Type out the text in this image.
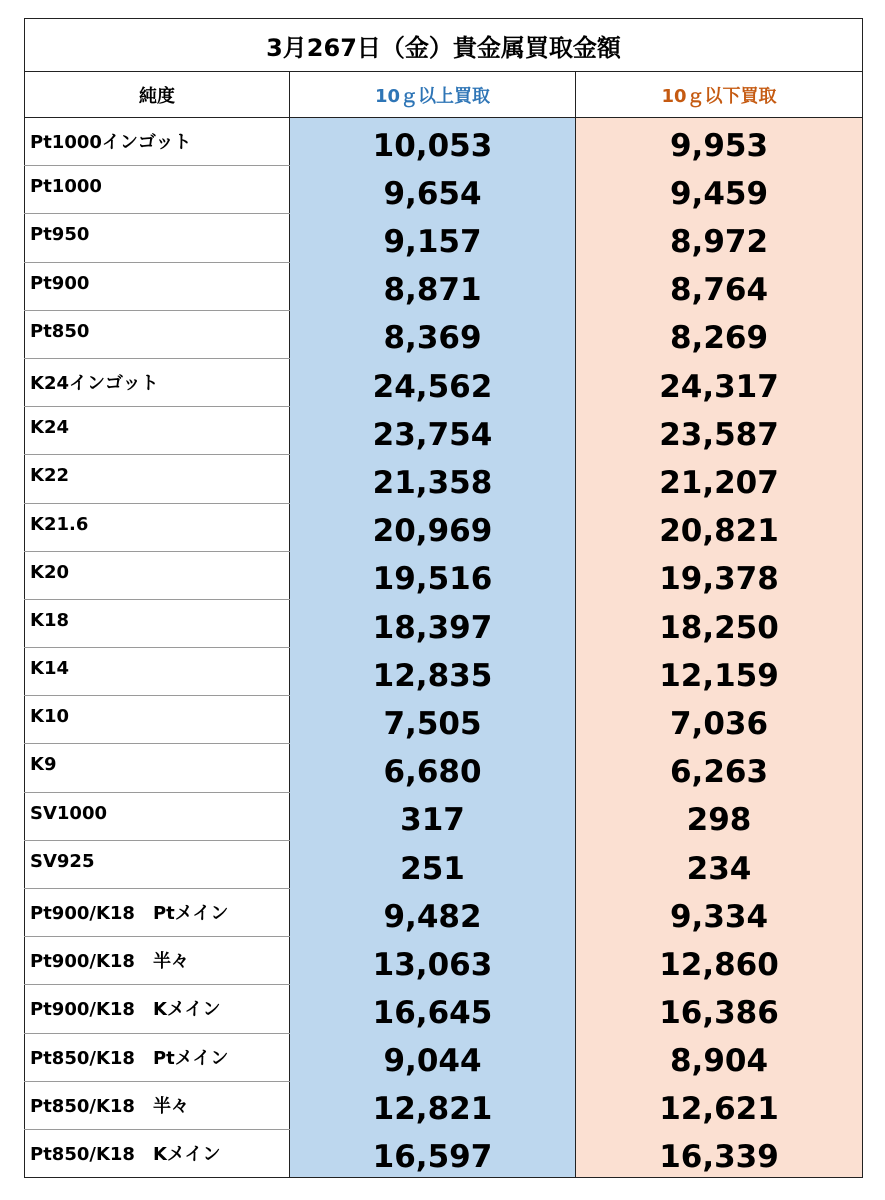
3月267日（金）貴金属買取金額		
純度	10ｇ以上買取	10ｇ以下買取
Pt1000インゴット	10,053	9,953
Pt1000	9,654	9,459
Pt950	9,157	8,972
Pt900	8,871	8,764
Pt850	8,369	8,269
K24インゴット	24,562	24,317
K24	23,754	23,587
K22	21,358	21,207
K21.6	20,969	20,821
K20	19,516	19,378
K18	18,397	18,250
K14	12,835	12,159
K10	7,505	7,036
K9	6,680	6,263
SV1000	317	298
SV925	251	234
Pt900/K18　Ptメイン	9,482	9,334
Pt900/K18　半々	13,063	12,860
Pt900/K18　Kメイン	16,645	16,386
Pt850/K18　Ptメイン	9,044	8,904
Pt850/K18　半々	12,821	12,621
Pt850/K18　Kメイン	16,597	16,339
